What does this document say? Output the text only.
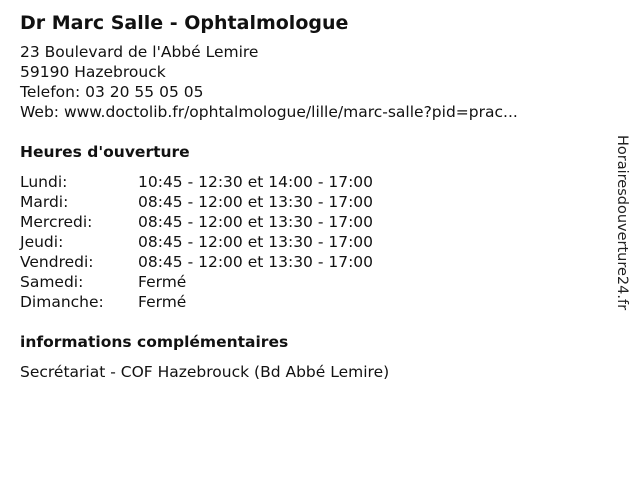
Dr Marc Salle - Ophtalmologue
23 Boulevard de l'Abbé Lemire
59190 Hazebrouck
Telefon: 03 20 55 05 05
Web: www.doctolib.fr/ophtalmologue/lille/marc-salle?pid=prac...
Heures d'ouverture
Lundi:	10:45 - 12:30 et 14:00 - 17:00
Mardi:	08:45 - 12:00 et 13:30 - 17:00
Mercredi:	08:45 - 12:00 et 13:30 - 17:00
Jeudi:	08:45 - 12:00 et 13:30 - 17:00
Vendredi:	08:45 - 12:00 et 13:30 - 17:00
Samedi:	Fermé
Dimanche:	Fermé
informations complémentaires
Secrétariat - COF Hazebrouck (Bd Abbé Lemire)
Horairesdouverture24.fr
